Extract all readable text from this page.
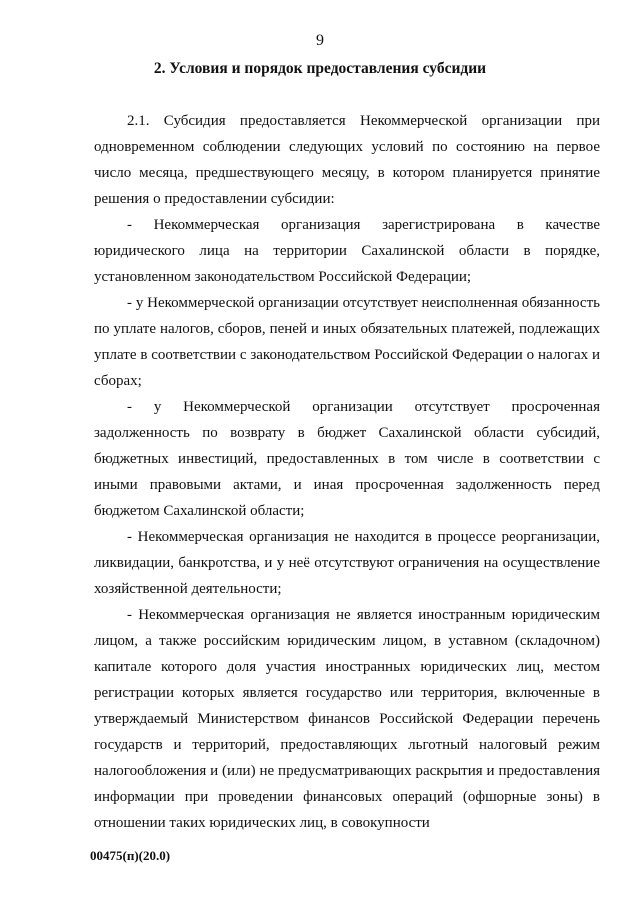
9
2. Условия и порядок предоставления субсидии

2.1. Субсидия предоставляется Некоммерческой организации при одновременном соблюдении следующих условий по состоянию на первое число месяца, предшествующего месяцу, в котором планируется принятие решения о предоставлении субсидии:

- Некоммерческая организация зарегистрирована в качестве юридического лица на территории Сахалинской области в порядке, установленном законодательством Российской Федерации;

- у Некоммерческой организации отсутствует неисполненная обязанность по уплате налогов, сборов, пеней и иных обязательных платежей, подлежащих уплате в соответствии с законодательством Российской Федерации о налогах и сборах;

- у Некоммерческой организации отсутствует просроченная задолженность по возврату в бюджет Сахалинской области субсидий, бюджетных инвестиций, предоставленных в том числе в соответствии с иными правовыми актами, и иная просроченная задолженность перед бюджетом Сахалинской области;

- Некоммерческая организация не находится в процессе реорганизации, ликвидации, банкротства, и у неё отсутствуют ограничения на осуществление хозяйственной деятельности;

- Некоммерческая организация не является иностранным юридическим лицом, а также российским юридическим лицом, в уставном (складочном) капитале которого доля участия иностранных юридических лиц, местом регистрации которых является государство или территория, включенные в утверждаемый Министерством финансов Российской Федерации перечень государств и территорий, предоставляющих льготный налоговый режим налогообложения и (или) не предусматривающих раскрытия и предоставления информации при проведении финансовых операций (офшорные зоны) в отношении таких юридических лиц, в совокупности

00475(п)(20.0)
